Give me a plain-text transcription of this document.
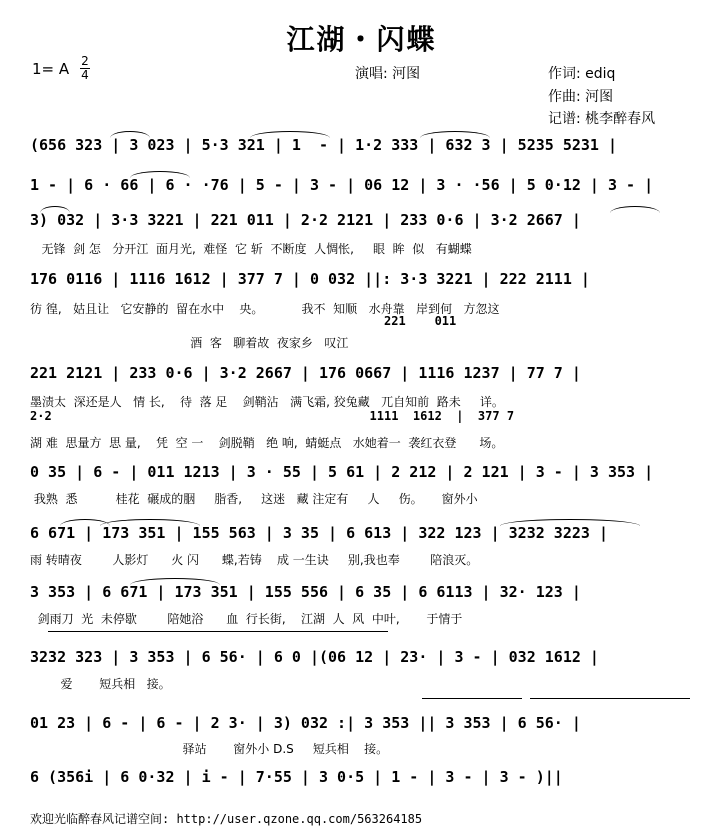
江湖・闪蝶
1= A 2
4	演唱: 河图	作词: ediq
作曲: 河图
记谱: 桃李醉春风
(656 323 | 3 023 | 5·3 321 | 1  - | 1·2 333 | 632 3 | 5235 5231 |
1 - | 6 · 66 | 6 · ·76 | 5 - | 3 - | 06 12 | 3 · ·56 | 5 0·12 | 3 - |
3) 032 | 3·3 3221 | 221 011 | 2·2 2121 | 233 0·6 | 3·2 2667 |
无锋  剑 怎   分开江  面月光,  难怪  它 斩  不断度  人惆怅,     眼  眸  似   有蝴蝶
176 0116 | 1116 1612 | 377 7 | 0 032 ||: 3·3 3221 | 222 2111 |
彷 徨,   姑且让   它安静的  留在水中    央。          我不  知顺   水舟靠   岸到何   方忽这
221    011
酒  客   聊着故  夜家乡   叹江
221 2121 | 233 0·6 | 3·2 2667 | 176 0667 | 1116 1237 | 77 7 |
墨渍太  深还是人   情 长,    待  落 足    剑鞘沾   满飞霜, 狡兔藏   兀自知前  路未     详。
2·2                                            1111  1612  |  377 7
湖 难  思量方  思 量,    凭  空 一    剑脱鞘   绝 响,  蜻蜓点   水她着一  袭红衣登      场。
0 35 | 6 - | 011 1213 | 3 · 55 | 5 61 | 2 212 | 2 121 | 3 - | 3 353 |
我熟  悉          桂花  碾成的胭     脂香,     这迷   藏 注定有     人     伤。     窗外小
6 671 | 173 351 | 155 563 | 3 35 | 6 613 | 322 123 | 3232 3223 |
雨 转晴夜        人影灯      火 闪      蝶,若铸    成 一生诀     别,我也奉        陪浪灭。
3 353 | 6 671 | 173 351 | 155 556 | 6 35 | 6 6113 | 32· 123 |
剑雨刀  光  未停歇        陪她浴      血  行长街,    江湖  人  风  中叶,       于情于
3232 323 | 3 353 | 6 56· | 6 0 |(06 12 | 23· | 3 - | 032 1612 |
爱       短兵相   接。
01 23 | 6 - | 6 - | 2 3· | 3) 032 :| 3 353 || 3 353 | 6 56· |
驿站       窗外小 D.S     短兵相    接。
6 (356i | 6 0·32 | i - | 7·55 | 3 0·5 | 1 - | 3 - | 3 - )||
欢迎光临醉春风记谱空间: http://user.qzone.qq.com/563264185
